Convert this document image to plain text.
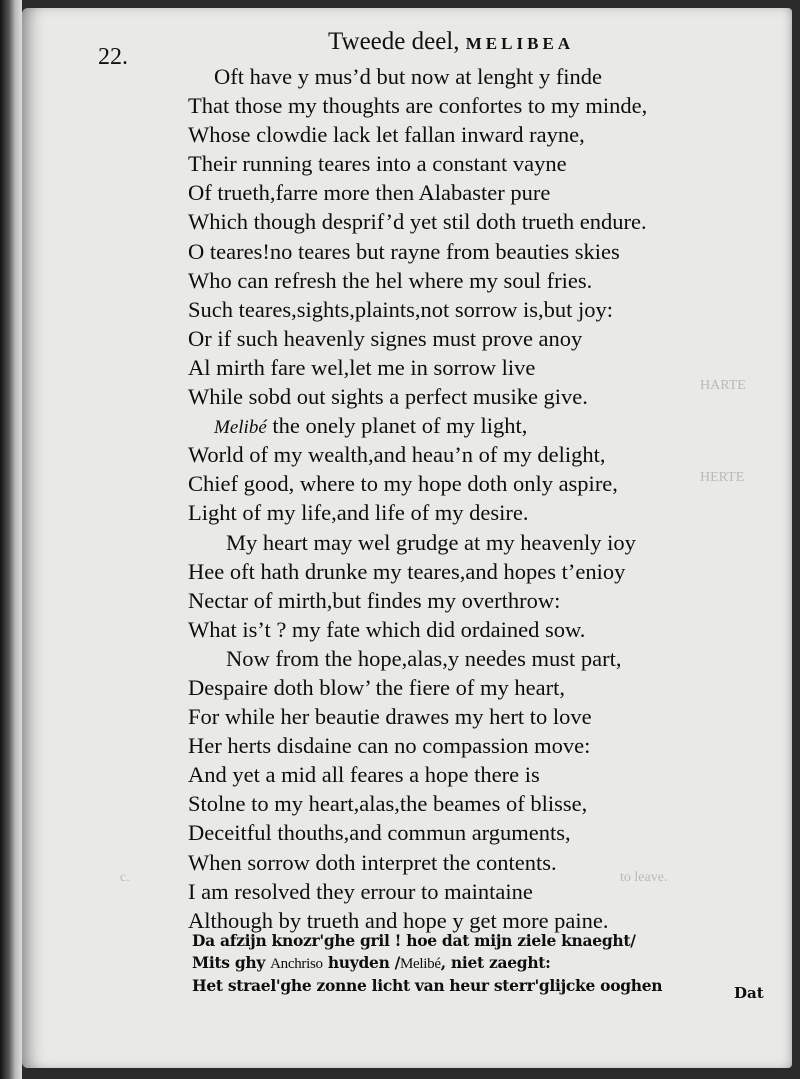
HARTE
HERTE
c.	to leave.
22.
Tweede deel, MELIBEA
Oft have y mus’d but now at lenght y finde
That those my thoughts are confortes to my minde,
Whose clowdie lack let fallan inward rayne,
Their running teares into a constant vayne
Of trueth,farre more then Alabaster pure
Which though desprif’d yet stil doth trueth endure.
O teares!no teares but rayne from beauties skies
Who can refresh the hel where my soul fries.
Such teares,sights,plaints,not sorrow is,but joy:
Or if such heavenly signes must prove anoy
Al mirth fare wel,let me in sorrow live
While sobd out sights a perfect musike give.
Melibé the onely planet of my light,
World of my wealth,and heau’n of my delight,
Chief good, where to my hope doth only aspire,
Light of my life,and life of my desire.
My heart may wel grudge at my heavenly ioy
Hee oft hath drunke my teares,and hopes t’enioy
Nectar of mirth,but findes my overthrow:
What is’t ? my fate which did ordained sow.
Now from the hope,alas,y needes must part,
Despaire doth blow’ the fiere of my heart,
For while her beautie drawes my hert to love
Her herts disdaine can no compassion move:
And yet a mid all feares a hope there is
Stolne to my heart,alas,the beames of blisse,
Deceitful thouths,and commun arguments,
When sorrow doth interpret the contents.
I am resolved they errour to maintaine
Although by trueth and hope y get more paine.
Da afzijn knozr'ghe gril ! hoe dat mijn ziele knaeght/
Mits ghy Anchriso huyden /Melibé, niet zaeght:
Het strael'ghe zonne licht van heur sterr'glijcke ooghen	Dat
